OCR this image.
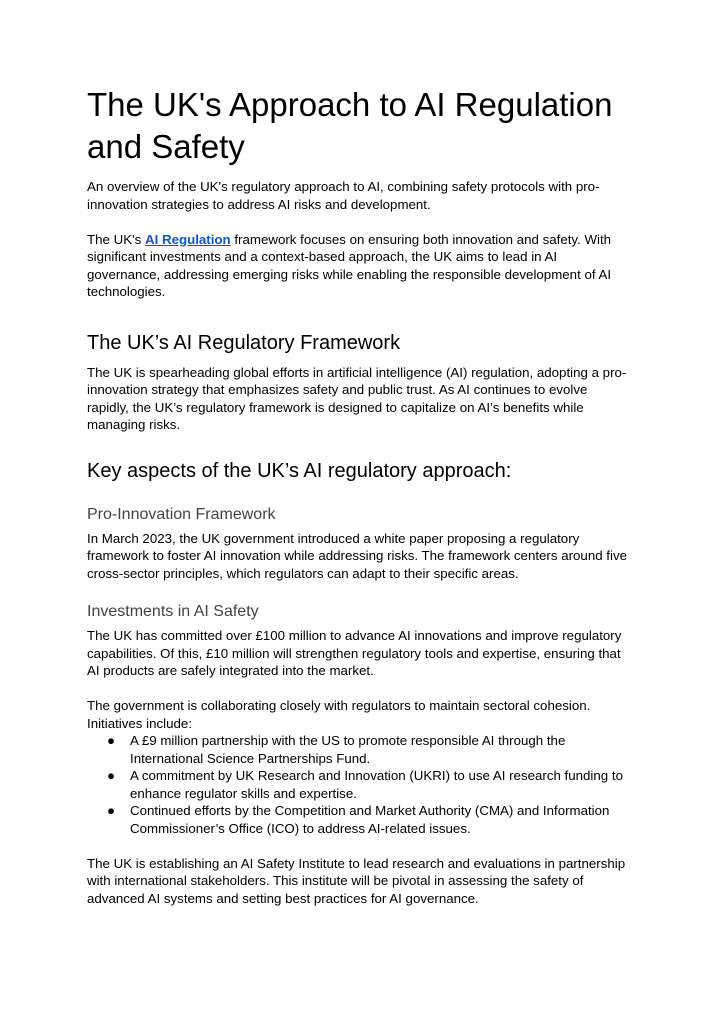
The UK's Approach to AI Regulation and Safety

An overview of the UK's regulatory approach to AI, combining safety protocols with pro-innovation strategies to address AI risks and development.

The UK's AI Regulation framework focuses on ensuring both innovation and safety. With significant investments and a context-based approach, the UK aims to lead in AI governance, addressing emerging risks while enabling the responsible development of AI technologies.

The UK’s AI Regulatory Framework

The UK is spearheading global efforts in artificial intelligence (AI) regulation, adopting a pro-innovation strategy that emphasizes safety and public trust. As AI continues to evolve rapidly, the UK’s regulatory framework is designed to capitalize on AI’s benefits while managing risks.

Key aspects of the UK’s AI regulatory approach:
Pro-Innovation Framework

In March 2023, the UK government introduced a white paper proposing a regulatory framework to foster AI innovation while addressing risks. The framework centers around five cross-sector principles, which regulators can adapt to their specific areas.

Investments in AI Safety

The UK has committed over £100 million to advance AI innovations and improve regulatory capabilities. Of this, £10 million will strengthen regulatory tools and expertise, ensuring that AI products are safely integrated into the market.

The government is collaborating closely with regulators to maintain sectoral cohesion. Initiatives include:

● A £9 million partnership with the US to promote responsible AI through the International Science Partnerships Fund.
● A commitment by UK Research and Innovation (UKRI) to use AI research funding to enhance regulator skills and expertise.
● Continued efforts by the Competition and Market Authority (CMA) and Information Commissioner’s Office (ICO) to address AI-related issues.

The UK is establishing an AI Safety Institute to lead research and evaluations in partnership with international stakeholders. This institute will be pivotal in assessing the safety of advanced AI systems and setting best practices for AI governance.
